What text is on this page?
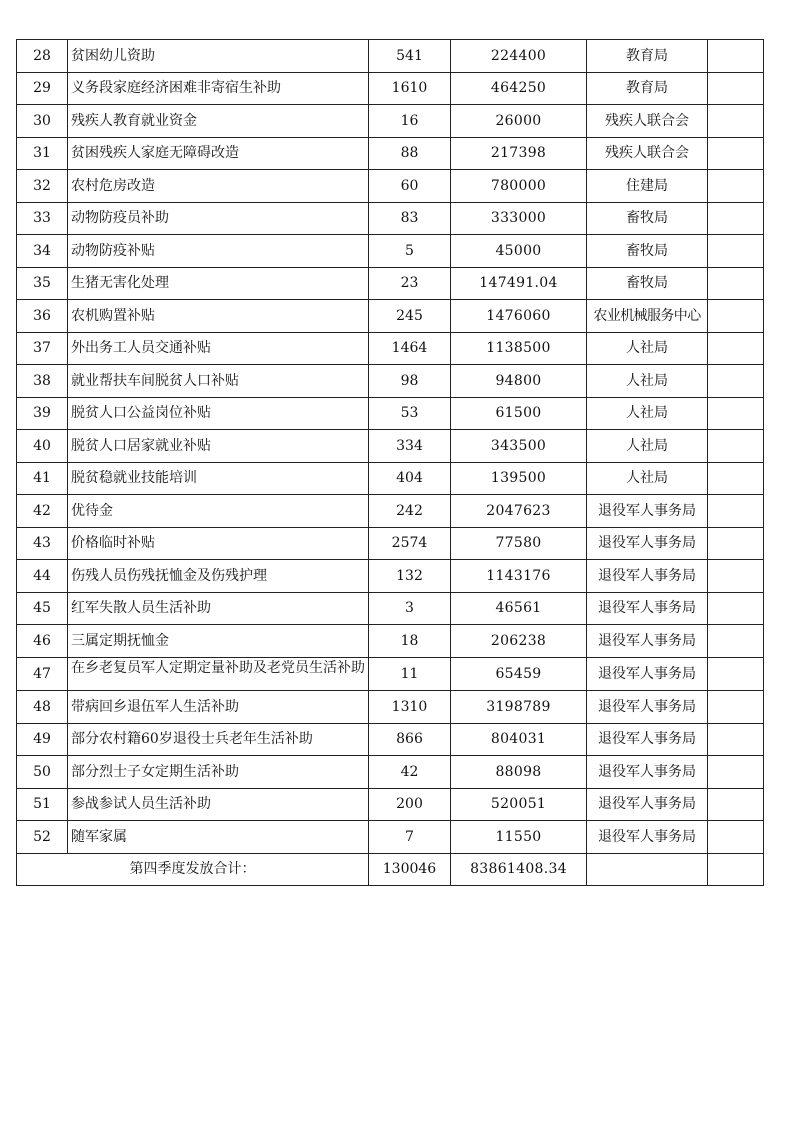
28	贫困幼儿资助	541	224400	教育局	
29	义务段家庭经济困难非寄宿生补助	1610	464250	教育局	
30	残疾人教育就业资金	16	26000	残疾人联合会	
31	贫困残疾人家庭无障碍改造	88	217398	残疾人联合会	
32	农村危房改造	60	780000	住建局	
33	动物防疫员补助	83	333000	畜牧局	
34	动物防疫补贴	5	45000	畜牧局	
35	生猪无害化处理	23	147491.04	畜牧局	
36	农机购置补贴	245	1476060	农业机械服务中心	
37	外出务工人员交通补贴	1464	1138500	人社局	
38	就业帮扶车间脱贫人口补贴	98	94800	人社局	
39	脱贫人口公益岗位补贴	53	61500	人社局	
40	脱贫人口居家就业补贴	334	343500	人社局	
41	脱贫稳就业技能培训	404	139500	人社局	
42	优待金	242	2047623	退役军人事务局	
43	价格临时补贴	2574	77580	退役军人事务局	
44	伤残人员伤残抚恤金及伤残护理	132	1143176	退役军人事务局	
45	红军失散人员生活补助	3	46561	退役军人事务局	
46	三属定期抚恤金	18	206238	退役军人事务局	
47	在乡老复员军人定期定量补助及老党员生活补助	11	65459	退役军人事务局	
48	带病回乡退伍军人生活补助	1310	3198789	退役军人事务局	
49	部分农村籍60岁退役士兵老年生活补助	866	804031	退役军人事务局	
50	部分烈士子女定期生活补助	42	88098	退役军人事务局	
51	参战参试人员生活补助	200	520051	退役军人事务局	
52	随军家属	7	11550	退役军人事务局	
第四季度发放合计：		130046	83861408.34		
